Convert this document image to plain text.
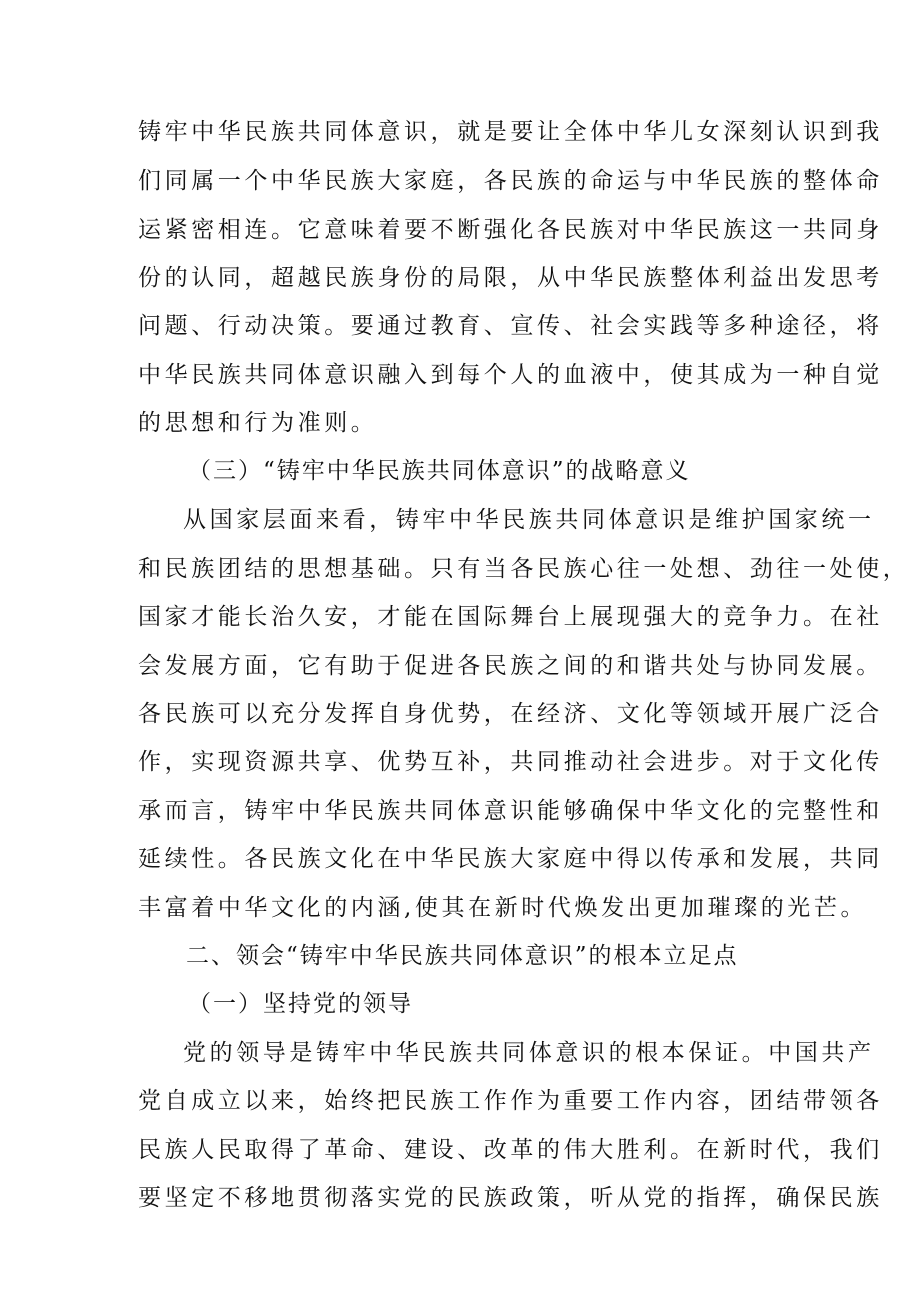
铸牢中华民族共同体意识，就是要让全体中华儿女深刻认识到我
们同属一个中华民族大家庭，各民族的命运与中华民族的整体命
运紧密相连。它意味着要不断强化各民族对中华民族这一共同身
份的认同，超越民族身份的局限，从中华民族整体利益出发思考
问题、行动决策。要通过教育、宣传、社会实践等多种途径，将
中华民族共同体意识融入到每个人的血液中，使其成为一种自觉
的思想和行为准则。
（三）“铸牢中华民族共同体意识”的战略意义
从国家层面来看，铸牢中华民族共同体意识是维护国家统一
和民族团结的思想基础。只有当各民族心往一处想、劲往一处使，
国家才能长治久安，才能在国际舞台上展现强大的竞争力。在社
会发展方面，它有助于促进各民族之间的和谐共处与协同发展。
各民族可以充分发挥自身优势，在经济、文化等领域开展广泛合
作，实现资源共享、优势互补，共同推动社会进步。对于文化传
承而言，铸牢中华民族共同体意识能够确保中华文化的完整性和
延续性。各民族文化在中华民族大家庭中得以传承和发展，共同
丰富着中华文化的内涵,使其在新时代焕发出更加璀璨的光芒。
二、领会“铸牢中华民族共同体意识”的根本立足点
（一）坚持党的领导
党的领导是铸牢中华民族共同体意识的根本保证。中国共产
党自成立以来，始终把民族工作作为重要工作内容，团结带领各
民族人民取得了革命、建设、改革的伟大胜利。在新时代，我们
要坚定不移地贯彻落实党的民族政策，听从党的指挥，确保民族
